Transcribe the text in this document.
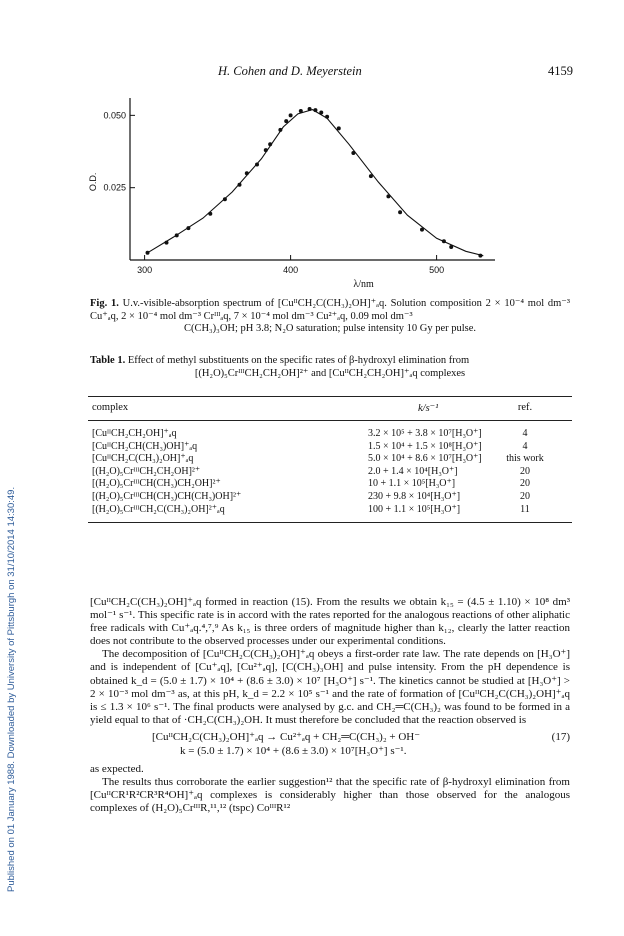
H. Cohen and D. Meyerstein	4159
Published on 01 January 1988. Downloaded by University of Pittsburgh on 31/10/2014 14:30:49.
300	400	500
0.025
0.050
λ/nm
O.D.
Fig. 1. U.v.-visible-absorption spectrum of [CuᴵᴵCH₂C(CH₃)₂OH]⁺ₐq. Solution composition 2 × 10⁻⁴ mol dm⁻³ Cu⁺ₐq, 2 × 10⁻⁴ mol dm⁻³ Crᴵᴵᴵₐq, 7 × 10⁻⁴ mol dm⁻³ Cu²⁺ₐq, 0.09 mol dm⁻³
C(CH₃)₃OH; pH 3.8; N₂O saturation; pulse intensity 10 Gy per pulse.
Table 1. Effect of methyl substituents on the specific rates of β-hydroxyl elimination from
[(H₂O)₅CrᴵᴵᴵCH₂CH₂OH]²⁺ and [CuᴵᴵCH₂CH₂OH]⁺ₐq complexes
complex	k/s⁻¹	ref.
[CuᴵᴵCH₂CH₂OH]⁺ₐq	3.2 × 10⁵ + 3.8 × 10⁷[H₃O⁺]	4
[CuᴵᴵCH₂CH(CH₃)OH]⁺ₐq	1.5 × 10⁴ + 1.5 × 10⁸[H₃O⁺]	4
[CuᴵᴵCH₂C(CH₃)₂OH]⁺ₐq	5.0 × 10⁴ + 8.6 × 10⁷[H₃O⁺]	this work
[(H₂O)₅CrᴵᴵᴵCH₂CH₂OH]²⁺	2.0 + 1.4 × 10⁴[H₃O⁺]	20
[(H₂O)₅CrᴵᴵᴵCH(CH₃)CH₂OH]²⁺	10 + 1.1 × 10⁵[H₃O⁺]	20
[(H₂O)₅CrᴵᴵᴵCH(CH₃)CH(CH₃)OH]²⁺	230 + 9.8 × 10⁴[H₃O⁺]	20
[(H₂O)₅CrᴵᴵᴵCH₂C(CH₃)₂OH]²⁺ₐq	100 + 1.1 × 10⁵[H₃O⁺]	11

[CuᴵᴵCH₂C(CH₃)₂OH]⁺ₐq formed in reaction (15). From the results we obtain k₁₅ = (4.5 ± 1.10) × 10⁸ dm³ mol⁻¹ s⁻¹. This specific rate is in accord with the rates reported for the analogous reactions of other aliphatic free radicals with Cu⁺ₐq.⁴,⁷,⁹ As k₁₅ is three orders of magnitude higher than k₁₂, clearly the latter reaction does not contribute to the observed processes under our experimental conditions.

The decomposition of [CuᴵᴵCH₂C(CH₃)₂OH]⁺ₐq obeys a first-order rate law. The rate depends on [H₃O⁺] and is independent of [Cu⁺ₐq], [Cu²⁺ₐq], [C(CH₃)₃OH] and pulse intensity. From the pH dependence is obtained k_d = (5.0 ± 1.7) × 10⁴ + (8.6 ± 3.0) × 10⁷ [H₃O⁺] s⁻¹. The kinetics cannot be studied at [H₃O⁺] > 2 × 10⁻³ mol dm⁻³ as, at this pH, k_d = 2.2 × 10⁵ s⁻¹ and the rate of formation of [CuᴵᴵCH₂C(CH₃)₂OH]⁺ₐq is ≤ 1.3 × 10⁶ s⁻¹. The final products were analysed by g.c. and CH₂═C(CH₃)₂ was found to be formed in a yield equal to that of ·CH₂C(CH₃)₂OH. It must therefore be concluded that the reaction observed is

[CuᴵᴵCH₂C(CH₃)₂OH]⁺ₐq → Cu²⁺ₐq + CH₂═C(CH₃)₂ + OH⁻	(17)
k = (5.0 ± 1.7) × 10⁴ + (8.6 ± 3.0) × 10⁷[H₃O⁺] s⁻¹.

as expected.

The results thus corroborate the earlier suggestion¹² that the specific rate of β-hydroxyl elimination from [CuᴵᴵCR¹R²CR³R⁴OH]⁺ₐq complexes is considerably higher than those observed for the analogous complexes of (H₂O)₅CrᴵᴵᴵR,¹¹,¹² (tspc) CoᴵᴵᴵR¹²
